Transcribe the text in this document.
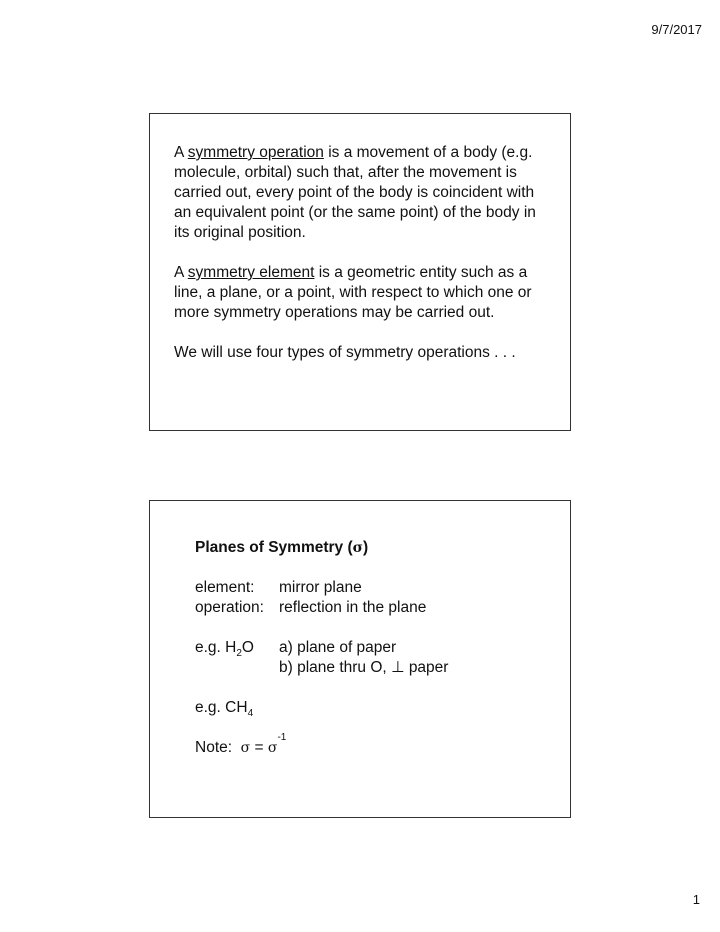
9/7/2017

A symmetry operation is a movement of a body (e.g. molecule, orbital) such that, after the movement is carried out, every point of the body is coincident with an equivalent point (or the same point) of the body in its original position.

A symmetry element is a geometric entity such as a line, a plane, or a point, with respect to which one or more symmetry operations may be carried out.

We will use four types of symmetry operations . . .

Planes of Symmetry ( σ )
element:	mirror plane
operation: reflection in the plane
e.g. $H_2O$	a) plane of paper
b) plane thru O, ⊥ paper
e.g. $CH_4$
Note: σ = σ
-1
1
